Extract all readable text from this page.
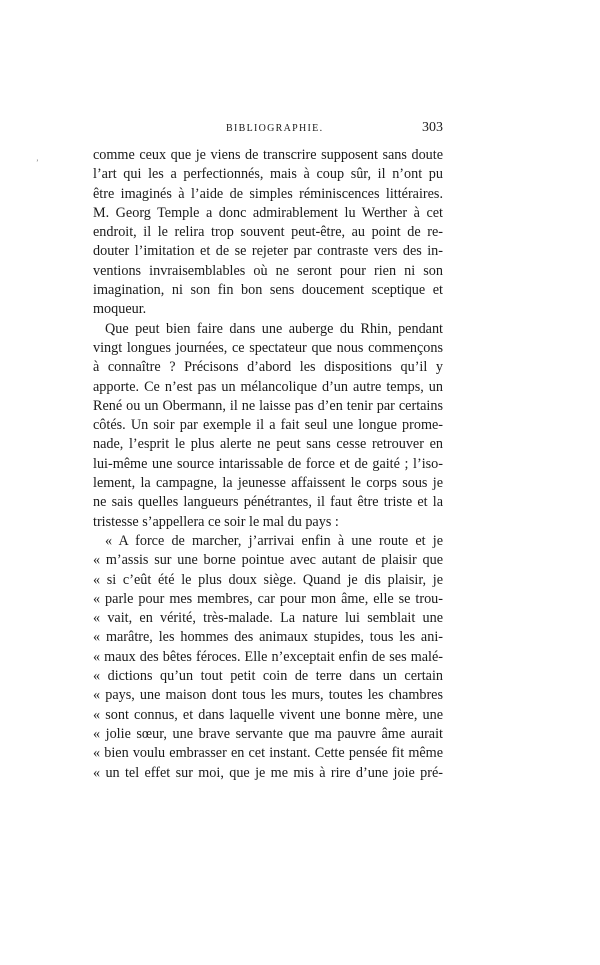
’
BIBLIOGRAPHIE.	303
comme ceux que je viens de transcrire supposent sans doute
l’art qui les a perfectionnés, mais à coup sûr, il n’ont pu
être imaginés à l’aide de simples réminiscences littéraires.
M. Georg Temple a donc admirablement lu Werther à cet
endroit, il le relira trop souvent peut-être, au point de re-
douter l’imitation et de se rejeter par contraste vers des in-
ventions invraisemblables où ne seront pour rien ni son
imagination, ni son fin bon sens doucement sceptique et
moqueur.
Que peut bien faire dans une auberge du Rhin, pendant
vingt longues journées, ce spectateur que nous commençons
à connaître ? Précisons d’abord les dispositions qu’il y
apporte. Ce n’est pas un mélancolique d’un autre temps, un
René ou un Obermann, il ne laisse pas d’en tenir par certains
côtés. Un soir par exemple il a fait seul une longue prome-
nade, l’esprit le plus alerte ne peut sans cesse retrouver en
lui-même une source intarissable de force et de gaité ; l’iso-
lement, la campagne, la jeunesse affaissent le corps sous je
ne sais quelles langueurs pénétrantes, il faut être triste et la
tristesse s’appellera ce soir le mal du pays :
« A force de marcher, j’arrivai enfin à une route et je
« m’assis sur une borne pointue avec autant de plaisir que
« si c’eût été le plus doux siège. Quand je dis plaisir, je
« parle pour mes membres, car pour mon âme, elle se trou-
« vait, en vérité, très-malade. La nature lui semblait une
« marâtre, les hommes des animaux stupides, tous les ani-
« maux des bêtes féroces. Elle n’exceptait enfin de ses malé-
« dictions qu’un tout petit coin de terre dans un certain
« pays, une maison dont tous les murs, toutes les chambres
« sont connus, et dans laquelle vivent une bonne mère, une
« jolie sœur, une brave servante que ma pauvre âme aurait
« bien voulu embrasser en cet instant. Cette pensée fit même
« un tel effet sur moi, que je me mis à rire d’une joie pré-
